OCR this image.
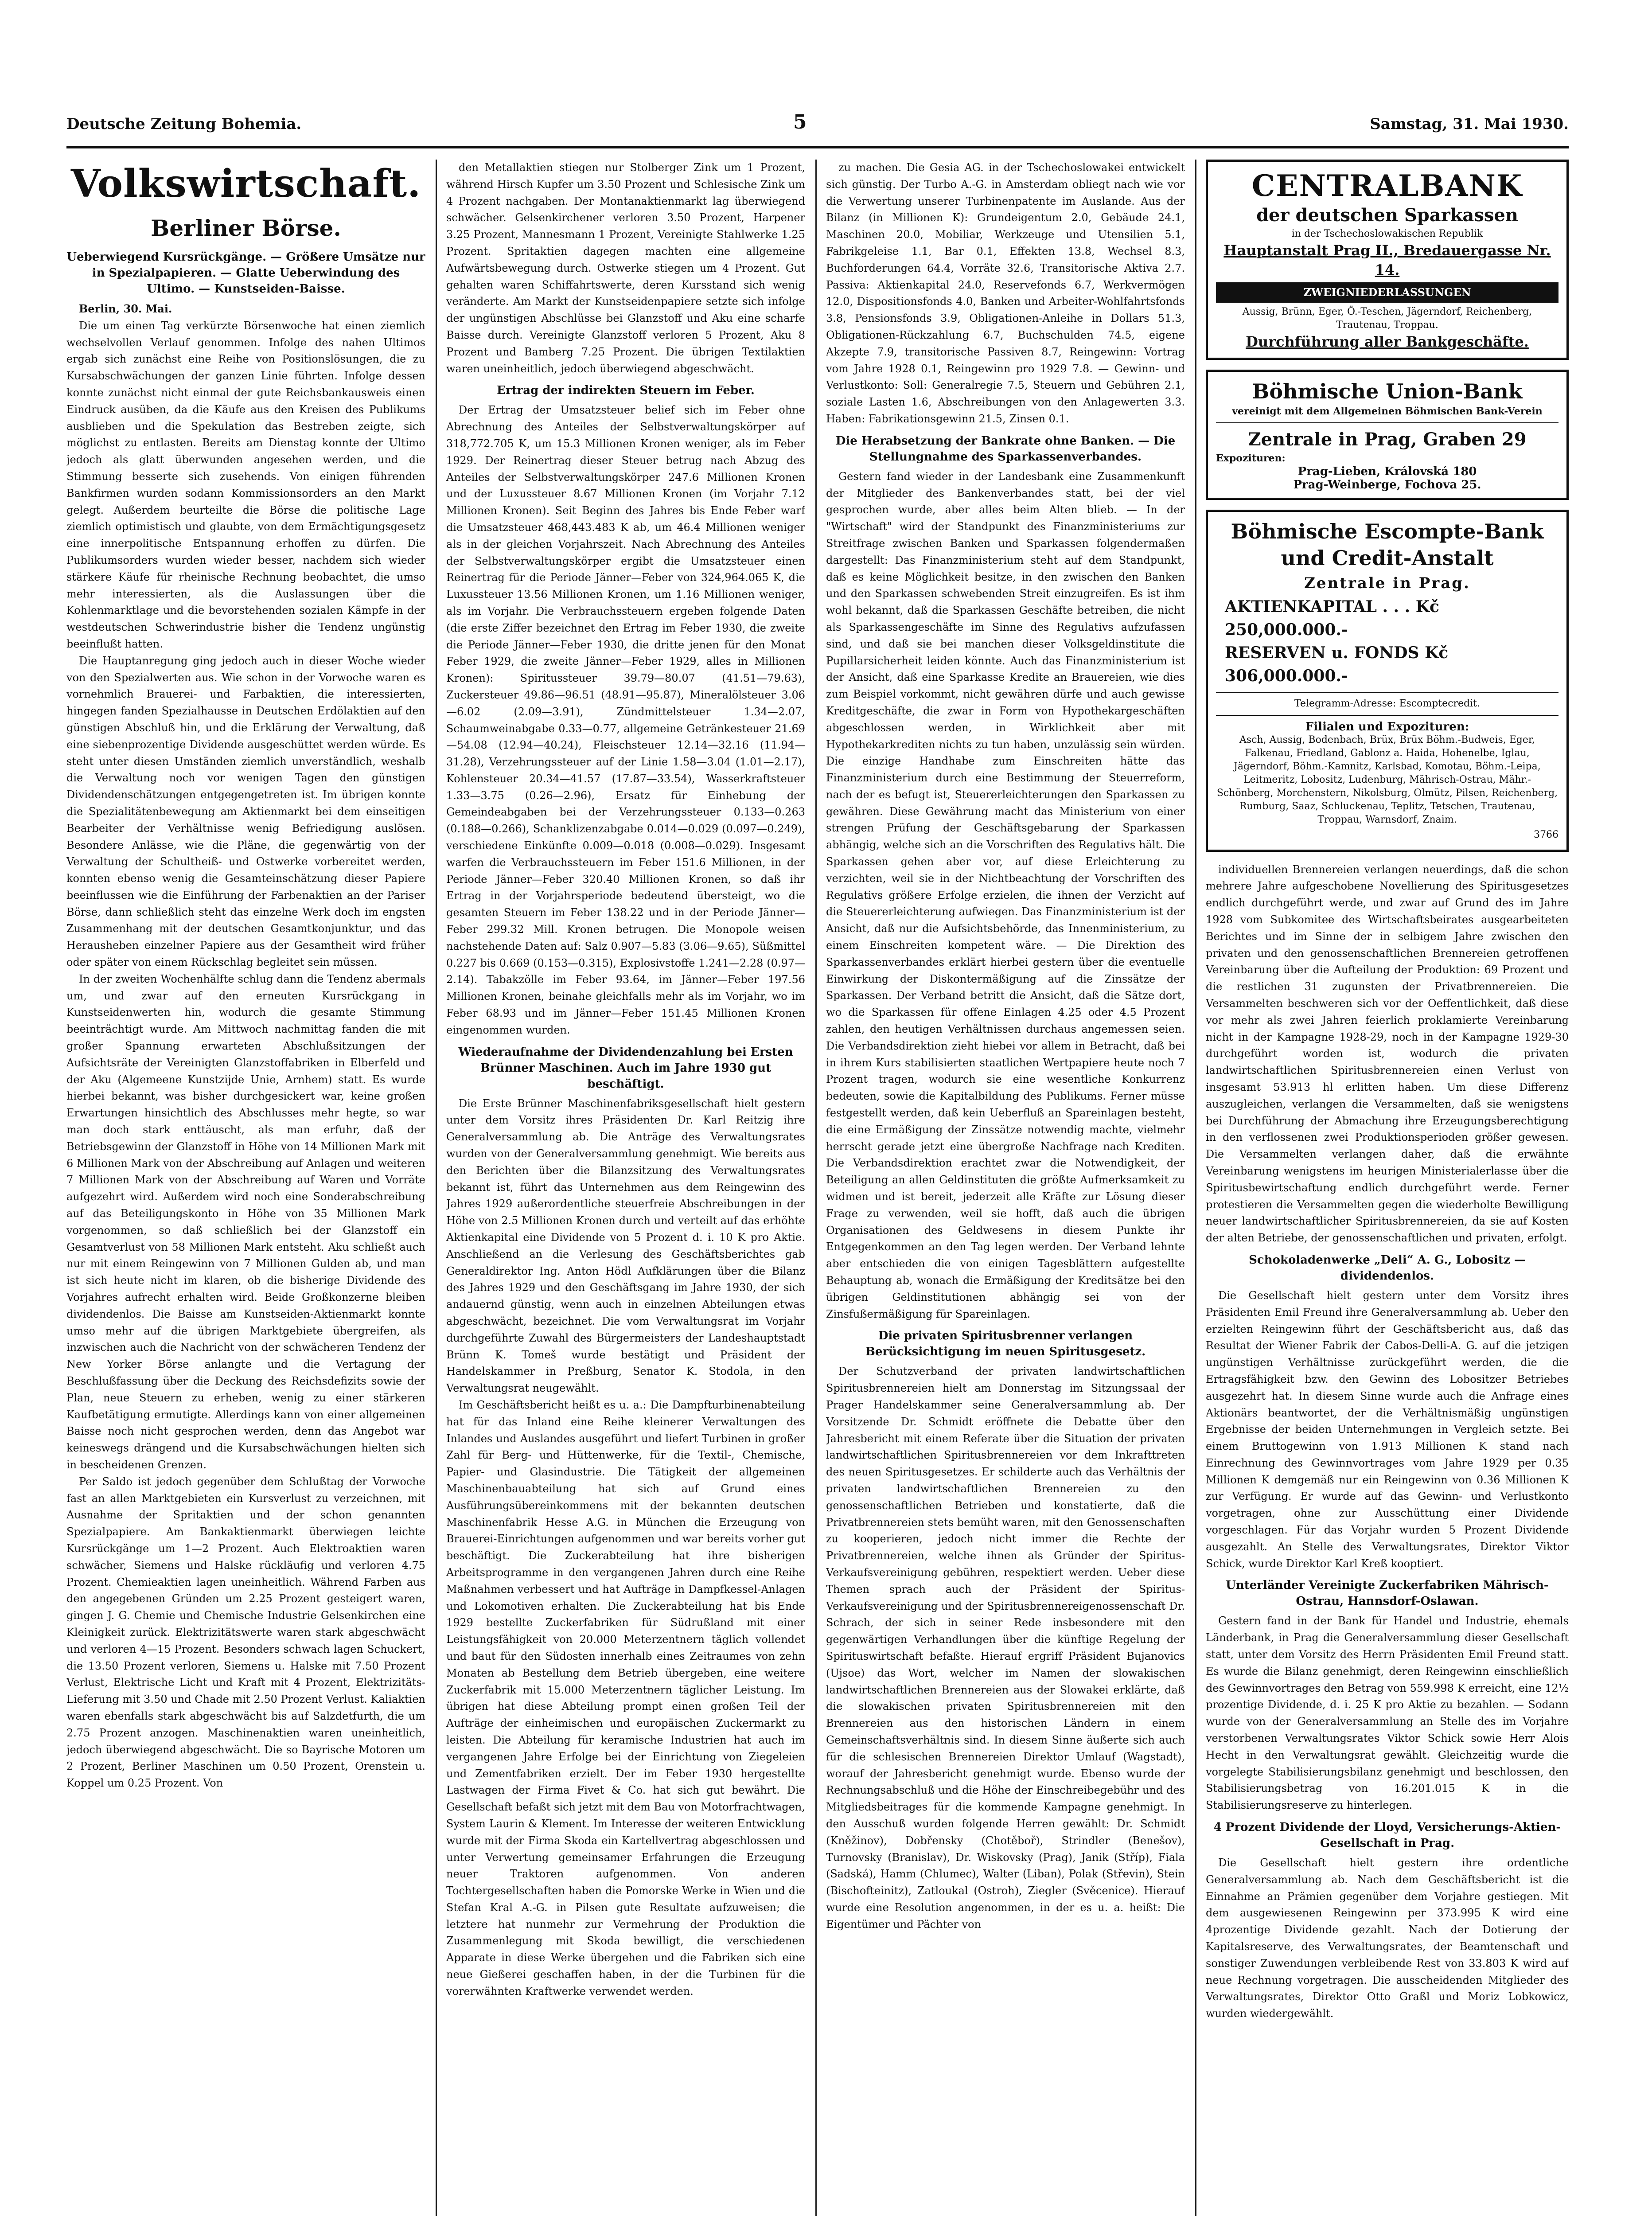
Deutsche Zeitung Bohemia.	5	Samstag, 31. Mai 1930.
Volkswirtschaft.
Berliner Börse.
Ueberwiegend Kursrückgänge. — Größere Umsätze nur in Spezialpapieren. — Glatte Ueberwindung des Ultimo. — Kunstseiden-Baisse.

Berlin, 30. Mai.

Die um einen Tag verkürzte Börsenwoche hat einen ziemlich wechselvollen Verlauf genommen. Infolge des nahen Ultimos ergab sich zunächst eine Reihe von Positionslösungen, die zu Kursabschwächungen der ganzen Linie führten. Infolge dessen konnte zunächst nicht einmal der gute Reichsbankausweis einen Eindruck ausüben, da die Käufe aus den Kreisen des Publikums ausblieben und die Spekulation das Bestreben zeigte, sich möglichst zu entlasten. Bereits am Dienstag konnte der Ultimo jedoch als glatt überwunden angesehen werden, und die Stimmung besserte sich zusehends. Von einigen führenden Bankfirmen wurden sodann Kommissionsorders an den Markt gelegt. Außerdem beurteilte die Börse die politische Lage ziemlich optimistisch und glaubte, von dem Ermächtigungsgesetz eine innerpolitische Entspannung erhoffen zu dürfen. Die Publikumsorders wurden wieder besser, nachdem sich wieder stärkere Käufe für rheinische Rechnung beobachtet, die umso mehr interessierten, als die Auslassungen über die Kohlenmarktlage und die bevorstehenden sozialen Kämpfe in der westdeutschen Schwerindustrie bisher die Tendenz ungünstig beeinflußt hatten.

Die Hauptanregung ging jedoch auch in dieser Woche wieder von den Spezialwerten aus. Wie schon in der Vorwoche waren es vornehmlich Brauerei- und Farbaktien, die interessierten, hingegen fanden Spezialhausse in Deutschen Erdölaktien auf den günstigen Abschluß hin, und die Erklärung der Verwaltung, daß eine siebenprozentige Dividende ausgeschüttet werden würde. Es steht unter diesen Umständen ziemlich unverständlich, weshalb die Verwaltung noch vor wenigen Tagen den günstigen Dividendenschätzungen entgegengetreten ist. Im übrigen konnte die Spezialitätenbewegung am Aktienmarkt bei dem einseitigen Bearbeiter der Verhältnisse wenig Befriedigung auslösen. Besondere Anlässe, wie die Pläne, die gegenwärtig von der Verwaltung der Schultheiß- und Ostwerke vorbereitet werden, konnten ebenso wenig die Gesamteinschätzung dieser Papiere beeinflussen wie die Einführung der Farbenaktien an der Pariser Börse, dann schließlich steht das einzelne Werk doch im engsten Zusammenhang mit der deutschen Gesamtkonjunktur, und das Herausheben einzelner Papiere aus der Gesamtheit wird früher oder später von einem Rückschlag begleitet sein müssen.

In der zweiten Wochenhälfte schlug dann die Tendenz abermals um, und zwar auf den erneuten Kursrückgang in Kunstseidenwerten hin, wodurch die gesamte Stimmung beeinträchtigt wurde. Am Mittwoch nachmittag fanden die mit großer Spannung erwarteten Abschlußsitzungen der Aufsichtsräte der Vereinigten Glanzstoffabriken in Elberfeld und der Aku (Algemeene Kunstzijde Unie, Arnhem) statt. Es wurde hierbei bekannt, was bisher durchgesickert war, keine großen Erwartungen hinsichtlich des Abschlusses mehr hegte, so war man doch stark enttäuscht, als man erfuhr, daß der Betriebsgewinn der Glanzstoff in Höhe von 14 Millionen Mark mit 6 Millionen Mark von der Abschreibung auf Anlagen und weiteren 7 Millionen Mark von der Abschreibung auf Waren und Vorräte aufgezehrt wird. Außerdem wird noch eine Sonderabschreibung auf das Beteiligungskonto in Höhe von 35 Millionen Mark vorgenommen, so daß schließlich bei der Glanzstoff ein Gesamtverlust von 58 Millionen Mark entsteht. Aku schließt auch nur mit einem Reingewinn von 7 Millionen Gulden ab, und man ist sich heute nicht im klaren, ob die bisherige Dividende des Vorjahres aufrecht erhalten wird. Beide Großkonzerne bleiben dividendenlos. Die Baisse am Kunstseiden-Aktienmarkt konnte umso mehr auf die übrigen Marktgebiete übergreifen, als inzwischen auch die Nachricht von der schwächeren Tendenz der New Yorker Börse anlangte und die Vertagung der Beschlußfassung über die Deckung des Reichsdefizits sowie der Plan, neue Steuern zu erheben, wenig zu einer stärkeren Kaufbetätigung ermutigte. Allerdings kann von einer allgemeinen Baisse noch nicht gesprochen werden, denn das Angebot war keineswegs drängend und die Kursabschwächungen hielten sich in bescheidenen Grenzen.

Per Saldo ist jedoch gegenüber dem Schlußtag der Vorwoche fast an allen Marktgebieten ein Kursverlust zu verzeichnen, mit Ausnahme der Spritaktien und der schon genannten Spezialpapiere. Am Bankaktienmarkt überwiegen leichte Kursrückgänge um 1—2 Prozent. Auch Elektroaktien waren schwächer, Siemens und Halske rückläufig und verloren 4.75 Prozent. Chemieaktien lagen uneinheitlich. Während Farben aus den angegebenen Gründen um 2.25 Prozent gesteigert waren, gingen J. G. Chemie und Chemische Industrie Gelsenkirchen eine Kleinigkeit zurück. Elektrizitätswerte waren stark abgeschwächt und verloren 4—15 Prozent. Besonders schwach lagen Schuckert, die 13.50 Prozent verloren, Siemens u. Halske mit 7.50 Prozent Verlust, Elektrische Licht und Kraft mit 4 Prozent, Elektrizitäts-Lieferung mit 3.50 und Chade mit 2.50 Prozent Verlust. Kaliaktien waren ebenfalls stark abgeschwächt bis auf Salzdetfurth, die um 2.75 Prozent anzogen. Maschinenaktien waren uneinheitlich, jedoch überwiegend abgeschwächt. Die so Bayrische Motoren um 2 Prozent, Berliner Maschinen um 0.50 Prozent, Orenstein u. Koppel um 0.25 Prozent. Von

den Metallaktien stiegen nur Stolberger Zink um 1 Prozent, während Hirsch Kupfer um 3.50 Prozent und Schlesische Zink um 4 Prozent nachgaben. Der Montanaktienmarkt lag überwiegend schwächer. Gelsenkirchener verloren 3.50 Prozent, Harpener 3.25 Prozent, Mannesmann 1 Prozent, Vereinigte Stahlwerke 1.25 Prozent. Spritaktien dagegen machten eine allgemeine Aufwärtsbewegung durch. Ostwerke stiegen um 4 Prozent. Gut gehalten waren Schiffahrtswerte, deren Kursstand sich wenig veränderte. Am Markt der Kunstseidenpapiere setzte sich infolge der ungünstigen Abschlüsse bei Glanzstoff und Aku eine scharfe Baisse durch. Vereinigte Glanzstoff verloren 5 Prozent, Aku 8 Prozent und Bamberg 7.25 Prozent. Die übrigen Textilaktien waren uneinheitlich, jedoch überwiegend abgeschwächt.

Ertrag der indirekten Steuern im Feber.

Der Ertrag der Umsatzsteuer belief sich im Feber ohne Abrechnung des Anteiles der Selbstverwaltungskörper auf 318,772.705 K, um 15.3 Millionen Kronen weniger, als im Feber 1929. Der Reinertrag dieser Steuer betrug nach Abzug des Anteiles der Selbstverwaltungskörper 247.6 Millionen Kronen und der Luxussteuer 8.67 Millionen Kronen (im Vorjahr 7.12 Millionen Kronen). Seit Beginn des Jahres bis Ende Feber warf die Umsatzsteuer 468,443.483 K ab, um 46.4 Millionen weniger als in der gleichen Vorjahrszeit. Nach Abrechnung des Anteiles der Selbstverwaltungskörper ergibt die Umsatzsteuer einen Reinertrag für die Periode Jänner—Feber von 324,964.065 K, die Luxussteuer 13.56 Millionen Kronen, um 1.16 Millionen weniger, als im Vorjahr. Die Verbrauchssteuern ergeben folgende Daten (die erste Ziffer bezeichnet den Ertrag im Feber 1930, die zweite die Periode Jänner—Feber 1930, die dritte jenen für den Monat Feber 1929, die zweite Jänner—Feber 1929, alles in Millionen Kronen): Spiritussteuer 39.79—80.07 (41.51—79.63), Zuckersteuer 49.86—96.51 (48.91—95.87), Mineralölsteuer 3.06—6.02 (2.09—3.91), Zündmittelsteuer 1.34—2.07, Schaumweinabgabe 0.33—0.77, allgemeine Getränkesteuer 21.69—54.08 (12.94—40.24), Fleischsteuer 12.14—32.16 (11.94—31.28), Verzehrungssteuer auf der Linie 1.58—3.04 (1.01—2.17), Kohlensteuer 20.34—41.57 (17.87—33.54), Wasserkraftsteuer 1.33—3.75 (0.26—2.96), Ersatz für Einhebung der Gemeindeabgaben bei der Verzehrungssteuer 0.133—0.263 (0.188—0.266), Schanklizenzabgabe 0.014—0.029 (0.097—0.249), verschiedene Einkünfte 0.009—0.018 (0.008—0.029). Insgesamt warfen die Verbrauchssteuern im Feber 151.6 Millionen, in der Periode Jänner—Feber 320.40 Millionen Kronen, so daß ihr Ertrag in der Vorjahrsperiode bedeutend übersteigt, wo die gesamten Steuern im Feber 138.22 und in der Periode Jänner—Feber 299.32 Mill. Kronen betrugen. Die Monopole weisen nachstehende Daten auf: Salz 0.907—5.83 (3.06—9.65), Süßmittel 0.227 bis 0.669 (0.153—0.315), Explosivstoffe 1.241—2.28 (0.97—2.14). Tabakzölle im Feber 93.64, im Jänner—Feber 197.56 Millionen Kronen, beinahe gleichfalls mehr als im Vorjahr, wo im Feber 68.93 und im Jänner—Feber 151.45 Millionen Kronen eingenommen wurden.

Wiederaufnahme der Dividendenzahlung bei Ersten Brünner Maschinen. Auch im Jahre 1930 gut beschäftigt.

Die Erste Brünner Maschinenfabriksgesellschaft hielt gestern unter dem Vorsitz ihres Präsidenten Dr. Karl Reitzig ihre Generalversammlung ab. Die Anträge des Verwaltungsrates wurden von der Generalversammlung genehmigt. Wie bereits aus den Berichten über die Bilanzsitzung des Verwaltungsrates bekannt ist, führt das Unternehmen aus dem Reingewinn des Jahres 1929 außerordentliche steuerfreie Abschreibungen in der Höhe von 2.5 Millionen Kronen durch und verteilt auf das erhöhte Aktienkapital eine Dividende von 5 Prozent d. i. 10 K pro Aktie. Anschließend an die Verlesung des Geschäftsberichtes gab Generaldirektor Ing. Anton Hödl Aufklärungen über die Bilanz des Jahres 1929 und den Geschäftsgang im Jahre 1930, der sich andauernd günstig, wenn auch in einzelnen Abteilungen etwas abgeschwächt, bezeichnet. Die vom Verwaltungsrat im Vorjahr durchgeführte Zuwahl des Bürgermeisters der Landeshauptstadt Brünn K. Tomeš wurde bestätigt und Präsident der Handelskammer in Preßburg, Senator K. Stodola, in den Verwaltungsrat neugewählt.

Im Geschäftsbericht heißt es u. a.: Die Dampfturbinenabteilung hat für das Inland eine Reihe kleinerer Verwaltungen des Inlandes und Auslandes ausgeführt und liefert Turbinen in großer Zahl für Berg- und Hüttenwerke, für die Textil-, Chemische, Papier- und Glasindustrie. Die Tätigkeit der allgemeinen Maschinenbauabteilung hat sich auf Grund eines Ausführungsübereinkommens mit der bekannten deutschen Maschinenfabrik Hesse A.G. in München die Erzeugung von Brauerei-Einrichtungen aufgenommen und war bereits vorher gut beschäftigt. Die Zuckerabteilung hat ihre bisherigen Arbeitsprogramme in den vergangenen Jahren durch eine Reihe Maßnahmen verbessert und hat Aufträge in Dampfkessel-Anlagen und Lokomotiven erhalten. Die Zuckerabteilung hat bis Ende 1929 bestellte Zuckerfabriken für Südrußland mit einer Leistungsfähigkeit von 20.000 Meterzentnern täglich vollendet und baut für den Südosten innerhalb eines Zeitraumes von zehn Monaten ab Bestellung dem Betrieb übergeben, eine weitere Zuckerfabrik mit 15.000 Meterzentnern täglicher Leistung. Im übrigen hat diese Abteilung prompt einen großen Teil der Aufträge der einheimischen und europäischen Zuckermarkt zu leisten. Die Abteilung für keramische Industrien hat auch im vergangenen Jahre Erfolge bei der Einrichtung von Ziegeleien und Zementfabriken erzielt. Der im Feber 1930 hergestellte Lastwagen der Firma Fivet & Co. hat sich gut bewährt. Die Gesellschaft befaßt sich jetzt mit dem Bau von Motorfrachtwagen, System Laurin & Klement. Im Interesse der weiteren Entwicklung wurde mit der Firma Skoda ein Kartellvertrag abgeschlossen und unter Verwertung gemeinsamer Erfahrungen die Erzeugung neuer Traktoren aufgenommen. Von anderen Tochtergesellschaften haben die Pomorske Werke in Wien und die Stefan Kral A.-G. in Pilsen gute Resultate aufzuweisen; die letztere hat nunmehr zur Vermehrung der Produktion die Zusammenlegung mit Skoda bewilligt, die verschiedenen Apparate in diese Werke übergehen und die Fabriken sich eine neue Gießerei geschaffen haben, in der die Turbinen für die vorerwähnten Kraftwerke verwendet werden.

zu machen. Die Gesia AG. in der Tschechoslowakei entwickelt sich günstig. Der Turbo A.-G. in Amsterdam obliegt nach wie vor die Verwertung unserer Turbinenpatente im Auslande. Aus der Bilanz (in Millionen K): Grundeigentum 2.0, Gebäude 24.1, Maschinen 20.0, Mobiliar, Werkzeuge und Utensilien 5.1, Fabrikgeleise 1.1, Bar 0.1, Effekten 13.8, Wechsel 8.3, Buchforderungen 64.4, Vorräte 32.6, Transitorische Aktiva 2.7. Passiva: Aktienkapital 24.0, Reservefonds 6.7, Werkvermögen 12.0, Dispositionsfonds 4.0, Banken und Arbeiter-Wohlfahrtsfonds 3.8, Pensionsfonds 3.9, Obligationen-Anleihe in Dollars 51.3, Obligationen-Rückzahlung 6.7, Buchschulden 74.5, eigene Akzepte 7.9, transitorische Passiven 8.7, Reingewinn: Vortrag vom Jahre 1928 0.1, Reingewinn pro 1929 7.8. — Gewinn- und Verlustkonto: Soll: Generalregie 7.5, Steuern und Gebühren 2.1, soziale Lasten 1.6, Abschreibungen von den Anlagewerten 3.3. Haben: Fabrikationsgewinn 21.5, Zinsen 0.1.

Die Herabsetzung der Bankrate ohne Banken. — Die Stellungnahme des Sparkassenverbandes.

Gestern fand wieder in der Landesbank eine Zusammenkunft der Mitglieder des Bankenverbandes statt, bei der viel gesprochen wurde, aber alles beim Alten blieb. — In der "Wirtschaft" wird der Standpunkt des Finanzministeriums zur Streitfrage zwischen Banken und Sparkassen folgendermaßen dargestellt: Das Finanzministerium steht auf dem Standpunkt, daß es keine Möglichkeit besitze, in den zwischen den Banken und den Sparkassen schwebenden Streit einzugreifen. Es ist ihm wohl bekannt, daß die Sparkassen Geschäfte betreiben, die nicht als Sparkassengeschäfte im Sinne des Regulativs aufzufassen sind, und daß sie bei manchen dieser Volksgeldinstitute die Pupillarsicherheit leiden könnte. Auch das Finanzministerium ist der Ansicht, daß eine Sparkasse Kredite an Brauereien, wie dies zum Beispiel vorkommt, nicht gewähren dürfe und auch gewisse Kreditgeschäfte, die zwar in Form von Hypothekargeschäften abgeschlossen werden, in Wirklichkeit aber mit Hypothekarkrediten nichts zu tun haben, unzulässig sein würden. Die einzige Handhabe zum Einschreiten hätte das Finanzministerium durch eine Bestimmung der Steuerreform, nach der es befugt ist, Steuererleichterungen den Sparkassen zu gewähren. Diese Gewährung macht das Ministerium von einer strengen Prüfung der Geschäftsgebarung der Sparkassen abhängig, welche sich an die Vorschriften des Regulativs hält. Die Sparkassen gehen aber vor, auf diese Erleichterung zu verzichten, weil sie in der Nichtbeachtung der Vorschriften des Regulativs größere Erfolge erzielen, die ihnen der Verzicht auf die Steuererleichterung aufwiegen. Das Finanzministerium ist der Ansicht, daß nur die Aufsichtsbehörde, das Innenministerium, zu einem Einschreiten kompetent wäre. — Die Direktion des Sparkassenverbandes erklärt hierbei gestern über die eventuelle Einwirkung der Diskontermäßigung auf die Zinssätze der Sparkassen. Der Verband betritt die Ansicht, daß die Sätze dort, wo die Sparkassen für offene Einlagen 4.25 oder 4.5 Prozent zahlen, den heutigen Verhältnissen durchaus angemessen seien. Die Verbandsdirektion zieht hiebei vor allem in Betracht, daß bei in ihrem Kurs stabilisierten staatlichen Wertpapiere heute noch 7 Prozent tragen, wodurch sie eine wesentliche Konkurrenz bedeuten, sowie die Kapitalbildung des Publikums. Ferner müsse festgestellt werden, daß kein Ueberfluß an Spareinlagen besteht, die eine Ermäßigung der Zinssätze notwendig machte, vielmehr herrscht gerade jetzt eine übergroße Nachfrage nach Krediten. Die Verbandsdirektion erachtet zwar die Notwendigkeit, der Beteiligung an allen Geldinstituten die größte Aufmerksamkeit zu widmen und ist bereit, jederzeit alle Kräfte zur Lösung dieser Frage zu verwenden, weil sie hofft, daß auch die übrigen Organisationen des Geldwesens in diesem Punkte ihr Entgegenkommen an den Tag legen werden. Der Verband lehnte aber entschieden die von einigen Tagesblättern aufgestellte Behauptung ab, wonach die Ermäßigung der Kreditsätze bei den übrigen Geldinstitutionen abhängig sei von der Zinsfußermäßigung für Spareinlagen.

Die privaten Spiritusbrenner verlangen Berücksichtigung im neuen Spiritusgesetz.

Der Schutzverband der privaten landwirtschaftlichen Spiritusbrennereien hielt am Donnerstag im Sitzungssaal der Prager Handelskammer seine Generalversammlung ab. Der Vorsitzende Dr. Schmidt eröffnete die Debatte über den Jahresbericht mit einem Referate über die Situation der privaten landwirtschaftlichen Spiritusbrennereien vor dem Inkrafttreten des neuen Spiritusgesetzes. Er schilderte auch das Verhältnis der privaten landwirtschaftlichen Brennereien zu den genossenschaftlichen Betrieben und konstatierte, daß die Privatbrennereien stets bemüht waren, mit den Genossenschaften zu kooperieren, jedoch nicht immer die Rechte der Privatbrennereien, welche ihnen als Gründer der Spiritus-Verkaufsvereinigung gebühren, respektiert werden. Ueber diese Themen sprach auch der Präsident der Spiritus-Verkaufsvereinigung und der Spiritusbrennereigenossenschaft Dr. Schrach, der sich in seiner Rede insbesondere mit den gegenwärtigen Verhandlungen über die künftige Regelung der Spirituswirtschaft befaßte. Hierauf ergriff Präsident Bujanovics (Ujsoe) das Wort, welcher im Namen der slowakischen landwirtschaftlichen Brennereien aus der Slowakei erklärte, daß die slowakischen privaten Spiritusbrennereien mit den Brennereien aus den historischen Ländern in einem Gemeinschaftsverhältnis sind. In diesem Sinne äußerte sich auch für die schlesischen Brennereien Direktor Umlauf (Wagstadt), worauf der Jahresbericht genehmigt wurde. Ebenso wurde der Rechnungsabschluß und die Höhe der Einschreibegebühr und des Mitgliedsbeitrages für die kommende Kampagne genehmigt. In den Ausschuß wurden folgende Herren gewählt: Dr. Schmidt (Kněžinov), Dobřensky (Chotěboř), Strindler (Benešov), Turnovsky (Branislav), Dr. Wiskovsky (Prag), Janik (Stříp), Fiala (Sadská), Hamm (Chlumec), Walter (Liban), Polak (Střevin), Stein (Bischofteinitz), Zatloukal (Ostroh), Ziegler (Svěcenice). Hierauf wurde eine Resolution angenommen, in der es u. a. heißt: Die Eigentümer und Pächter von

CENTRALBANK
der deutschen Sparkassen
in der Tschechoslowakischen Republik
Hauptanstalt Prag II., Bredauergasse Nr. 14.
ZWEIGNIEDERLASSUNGEN
Aussig, Brünn, Eger, Ö.-Teschen, Jägerndorf, Reichenberg, Trautenau, Troppau.
Durchführung aller Bankgeschäfte.
Böhmische Union-Bank
vereinigt mit dem Allgemeinen Böhmischen Bank-Verein
Zentrale in Prag, Graben 29
Expozituren:
Prag-Lieben, Královská 180
Prag-Weinberge, Fochova 25.
Böhmische Escompte-Bank
und Credit-Anstalt
Zentrale in Prag.
AKTIENKAPITAL . . . Kč 250,000.000.-
RESERVEN u. FONDS Kč 306,000.000.-
Telegramm-Adresse: Escomptecredit.
Filialen und Expozituren:
Asch, Aussig, Bodenbach, Brüx, Brüx Böhm.-Budweis, Eger, Falkenau, Friedland, Gablonz a. Haida, Hohenelbe, Iglau, Jägerndorf, Böhm.-Kamnitz, Karlsbad, Komotau, Böhm.-Leipa, Leitmeritz, Lobositz, Ludenburg, Mährisch-Ostrau, Mähr.-Schönberg, Morchenstern, Nikolsburg, Olmütz, Pilsen, Reichenberg, Rumburg, Saaz, Schluckenau, Teplitz, Tetschen, Trautenau, Troppau, Warnsdorf, Znaim.
3766

individuellen Brennereien verlangen neuerdings, daß die schon mehrere Jahre aufgeschobene Novellierung des Spiritusgesetzes endlich durchgeführt werde, und zwar auf Grund des im Jahre 1928 vom Subkomitee des Wirtschaftsbeirates ausgearbeiteten Berichtes und im Sinne der in selbigem Jahre zwischen den privaten und den genossenschaftlichen Brennereien getroffenen Vereinbarung über die Aufteilung der Produktion: 69 Prozent und die restlichen 31 zugunsten der Privatbrennereien. Die Versammelten beschweren sich vor der Oeffentlichkeit, daß diese vor mehr als zwei Jahren feierlich proklamierte Vereinbarung nicht in der Kampagne 1928-29, noch in der Kampagne 1929-30 durchgeführt worden ist, wodurch die privaten landwirtschaftlichen Spiritusbrennereien einen Verlust von insgesamt 53.913 hl erlitten haben. Um diese Differenz auszugleichen, verlangen die Versammelten, daß sie wenigstens bei Durchführung der Abmachung ihre Erzeugungsberechtigung in den verflossenen zwei Produktionsperioden größer gewesen. Die Versammelten verlangen daher, daß die erwähnte Vereinbarung wenigstens im heurigen Ministerialerlasse über die Spiritusbewirtschaftung endlich durchgeführt werde. Ferner protestieren die Versammelten gegen die wiederholte Bewilligung neuer landwirtschaftlicher Spiritusbrennereien, da sie auf Kosten der alten Betriebe, der genossenschaftlichen und privaten, erfolgt.

Schokoladenwerke „Deli“ A. G., Lobositz — dividendenlos.

Die Gesellschaft hielt gestern unter dem Vorsitz ihres Präsidenten Emil Freund ihre Generalversammlung ab. Ueber den erzielten Reingewinn führt der Geschäftsbericht aus, daß das Resultat der Wiener Fabrik der Cabos-Delli-A. G. auf die jetzigen ungünstigen Verhältnisse zurückgeführt werden, die die Ertragsfähigkeit bzw. den Gewinn des Lobositzer Betriebes ausgezehrt hat. In diesem Sinne wurde auch die Anfrage eines Aktionärs beantwortet, der die Verhältnismäßig ungünstigen Ergebnisse der beiden Unternehmungen in Vergleich setzte. Bei einem Bruttogewinn von 1.913 Millionen K stand nach Einrechnung des Gewinnvortrages vom Jahre 1929 per 0.35 Millionen K demgemäß nur ein Reingewinn von 0.36 Millionen K zur Verfügung. Er wurde auf das Gewinn- und Verlustkonto vorgetragen, ohne zur Ausschüttung einer Dividende vorgeschlagen. Für das Vorjahr wurden 5 Prozent Dividende ausgezahlt. An Stelle des Verwaltungsrates, Direktor Viktor Schick, wurde Direktor Karl Kreß kooptiert.

Unterländer Vereinigte Zuckerfabriken Mährisch-Ostrau, Hannsdorf-Oslawan.

Gestern fand in der Bank für Handel und Industrie, ehemals Länderbank, in Prag die Generalversammlung dieser Gesellschaft statt, unter dem Vorsitz des Herrn Präsidenten Emil Freund statt. Es wurde die Bilanz genehmigt, deren Reingewinn einschließlich des Gewinnvortrages den Betrag von 559.998 K erreicht, eine 12½ prozentige Dividende, d. i. 25 K pro Aktie zu bezahlen. — Sodann wurde von der Generalversammlung an Stelle des im Vorjahre verstorbenen Verwaltungsrates Viktor Schick sowie Herr Alois Hecht in den Verwaltungsrat gewählt. Gleichzeitig wurde die vorgelegte Stabilisierungsbilanz genehmigt und beschlossen, den Stabilisierungsbetrag von 16.201.015 K in die Stabilisierungsreserve zu hinterlegen.

4 Prozent Dividende der Lloyd, Versicherungs-Aktien-Gesellschaft in Prag.

Die Gesellschaft hielt gestern ihre ordentliche Generalversammlung ab. Nach dem Geschäftsbericht ist die Einnahme an Prämien gegenüber dem Vorjahre gestiegen. Mit dem ausgewiesenen Reingewinn per 373.995 K wird eine 4prozentige Dividende gezahlt. Nach der Dotierung der Kapitalsreserve, des Verwaltungsrates, der Beamtenschaft und sonstiger Zuwendungen verbleibende Rest von 33.803 K wird auf neue Rechnung vorgetragen. Die ausscheidenden Mitglieder des Verwaltungsrates, Direktor Otto Graßl und Moriz Lobkowicz, wurden wiedergewählt.
